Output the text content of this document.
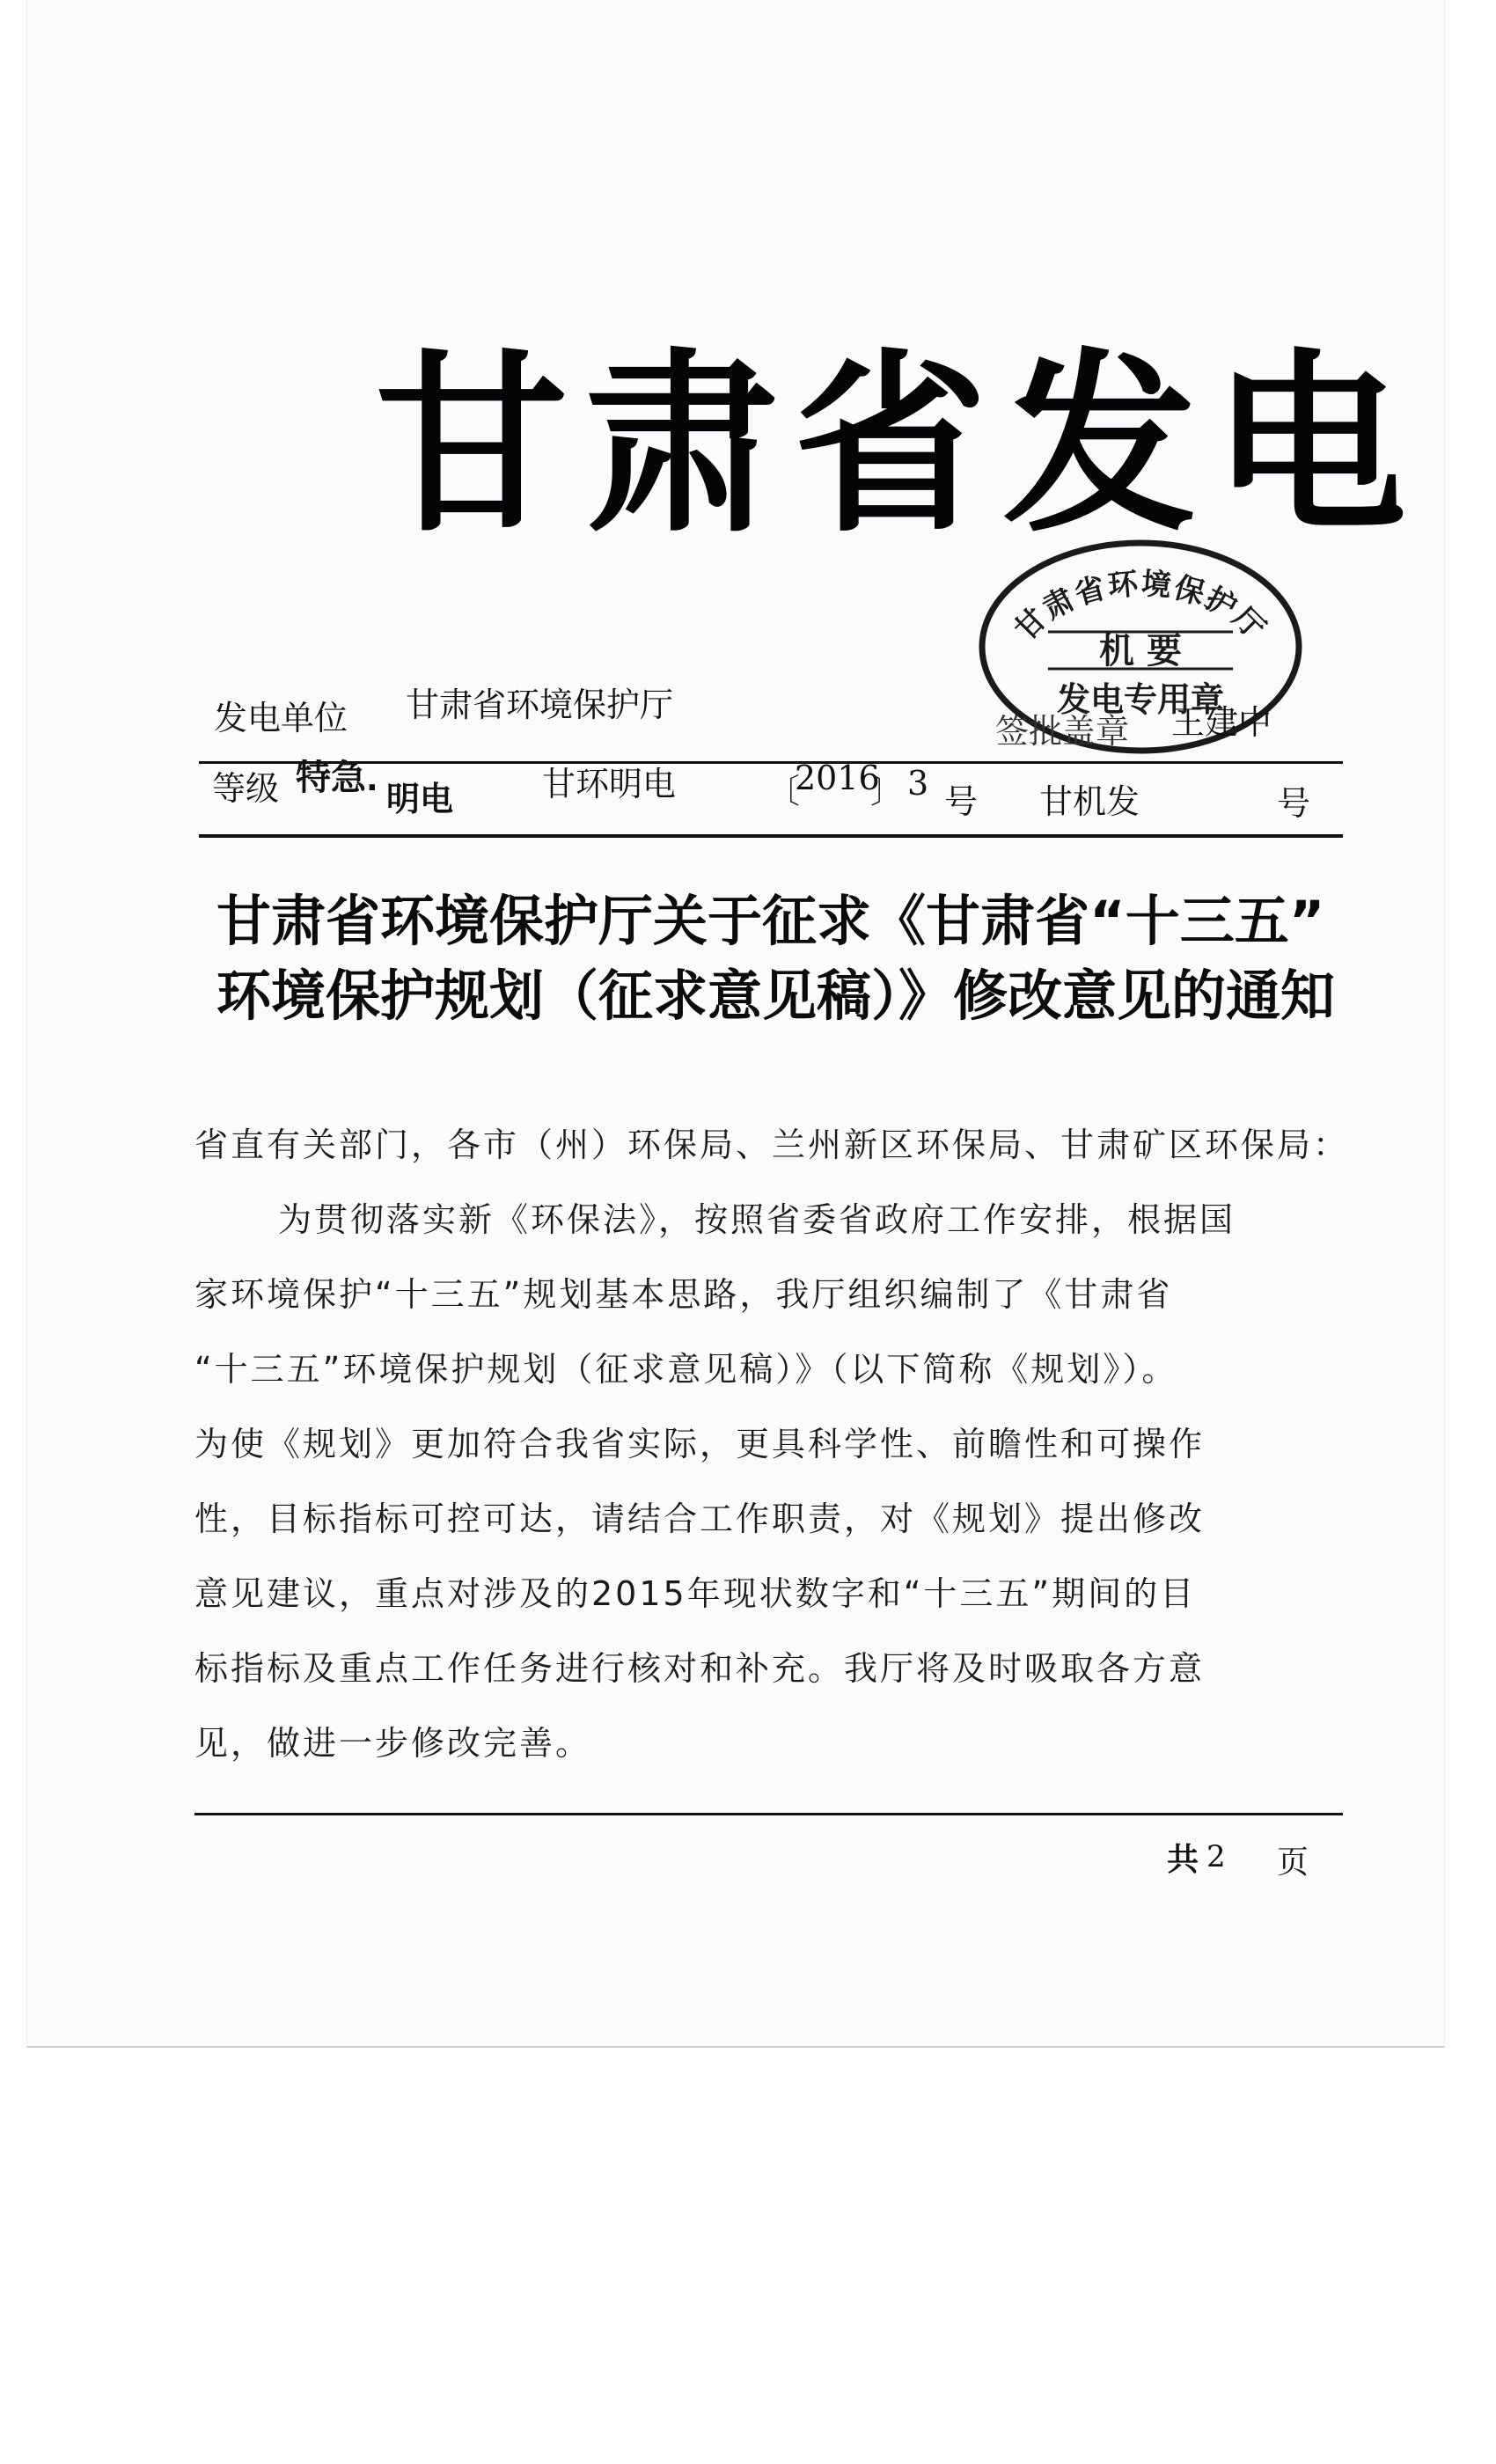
甘肃省发电
甘肃省环境保护厅
机 要
发电专用章
发电单位 甘肃省环境保护厅
签批盖章 王建中
等级 特急 · 明电	甘环明电	〔
2016
〕 3 号 甘机发	号
甘肃省环境保护厅关于征求《甘肃省“十三五”
环境保护规划（征求意见稿）》修改意见的通知
省直有关部门，各市（州）环保局、兰州新区环保局、甘肃矿区环保局：
为贯彻落实新《环保法》，按照省委省政府工作安排，根据国
家环境保护“十三五”规划基本思路，我厅组织编制了《甘肃省
“十三五”环境保护规划（征求意见稿）》（以下简称《规划》）。
为使《规划》更加符合我省实际，更具科学性、前瞻性和可操作
性，目标指标可控可达，请结合工作职责，对《规划》提出修改
意见建议，重点对涉及的2015年现状数字和“十三五”期间的目
标指标及重点工作任务进行核对和补充。我厅将及时吸取各方意
见，做进一步修改完善。
共 2 页
